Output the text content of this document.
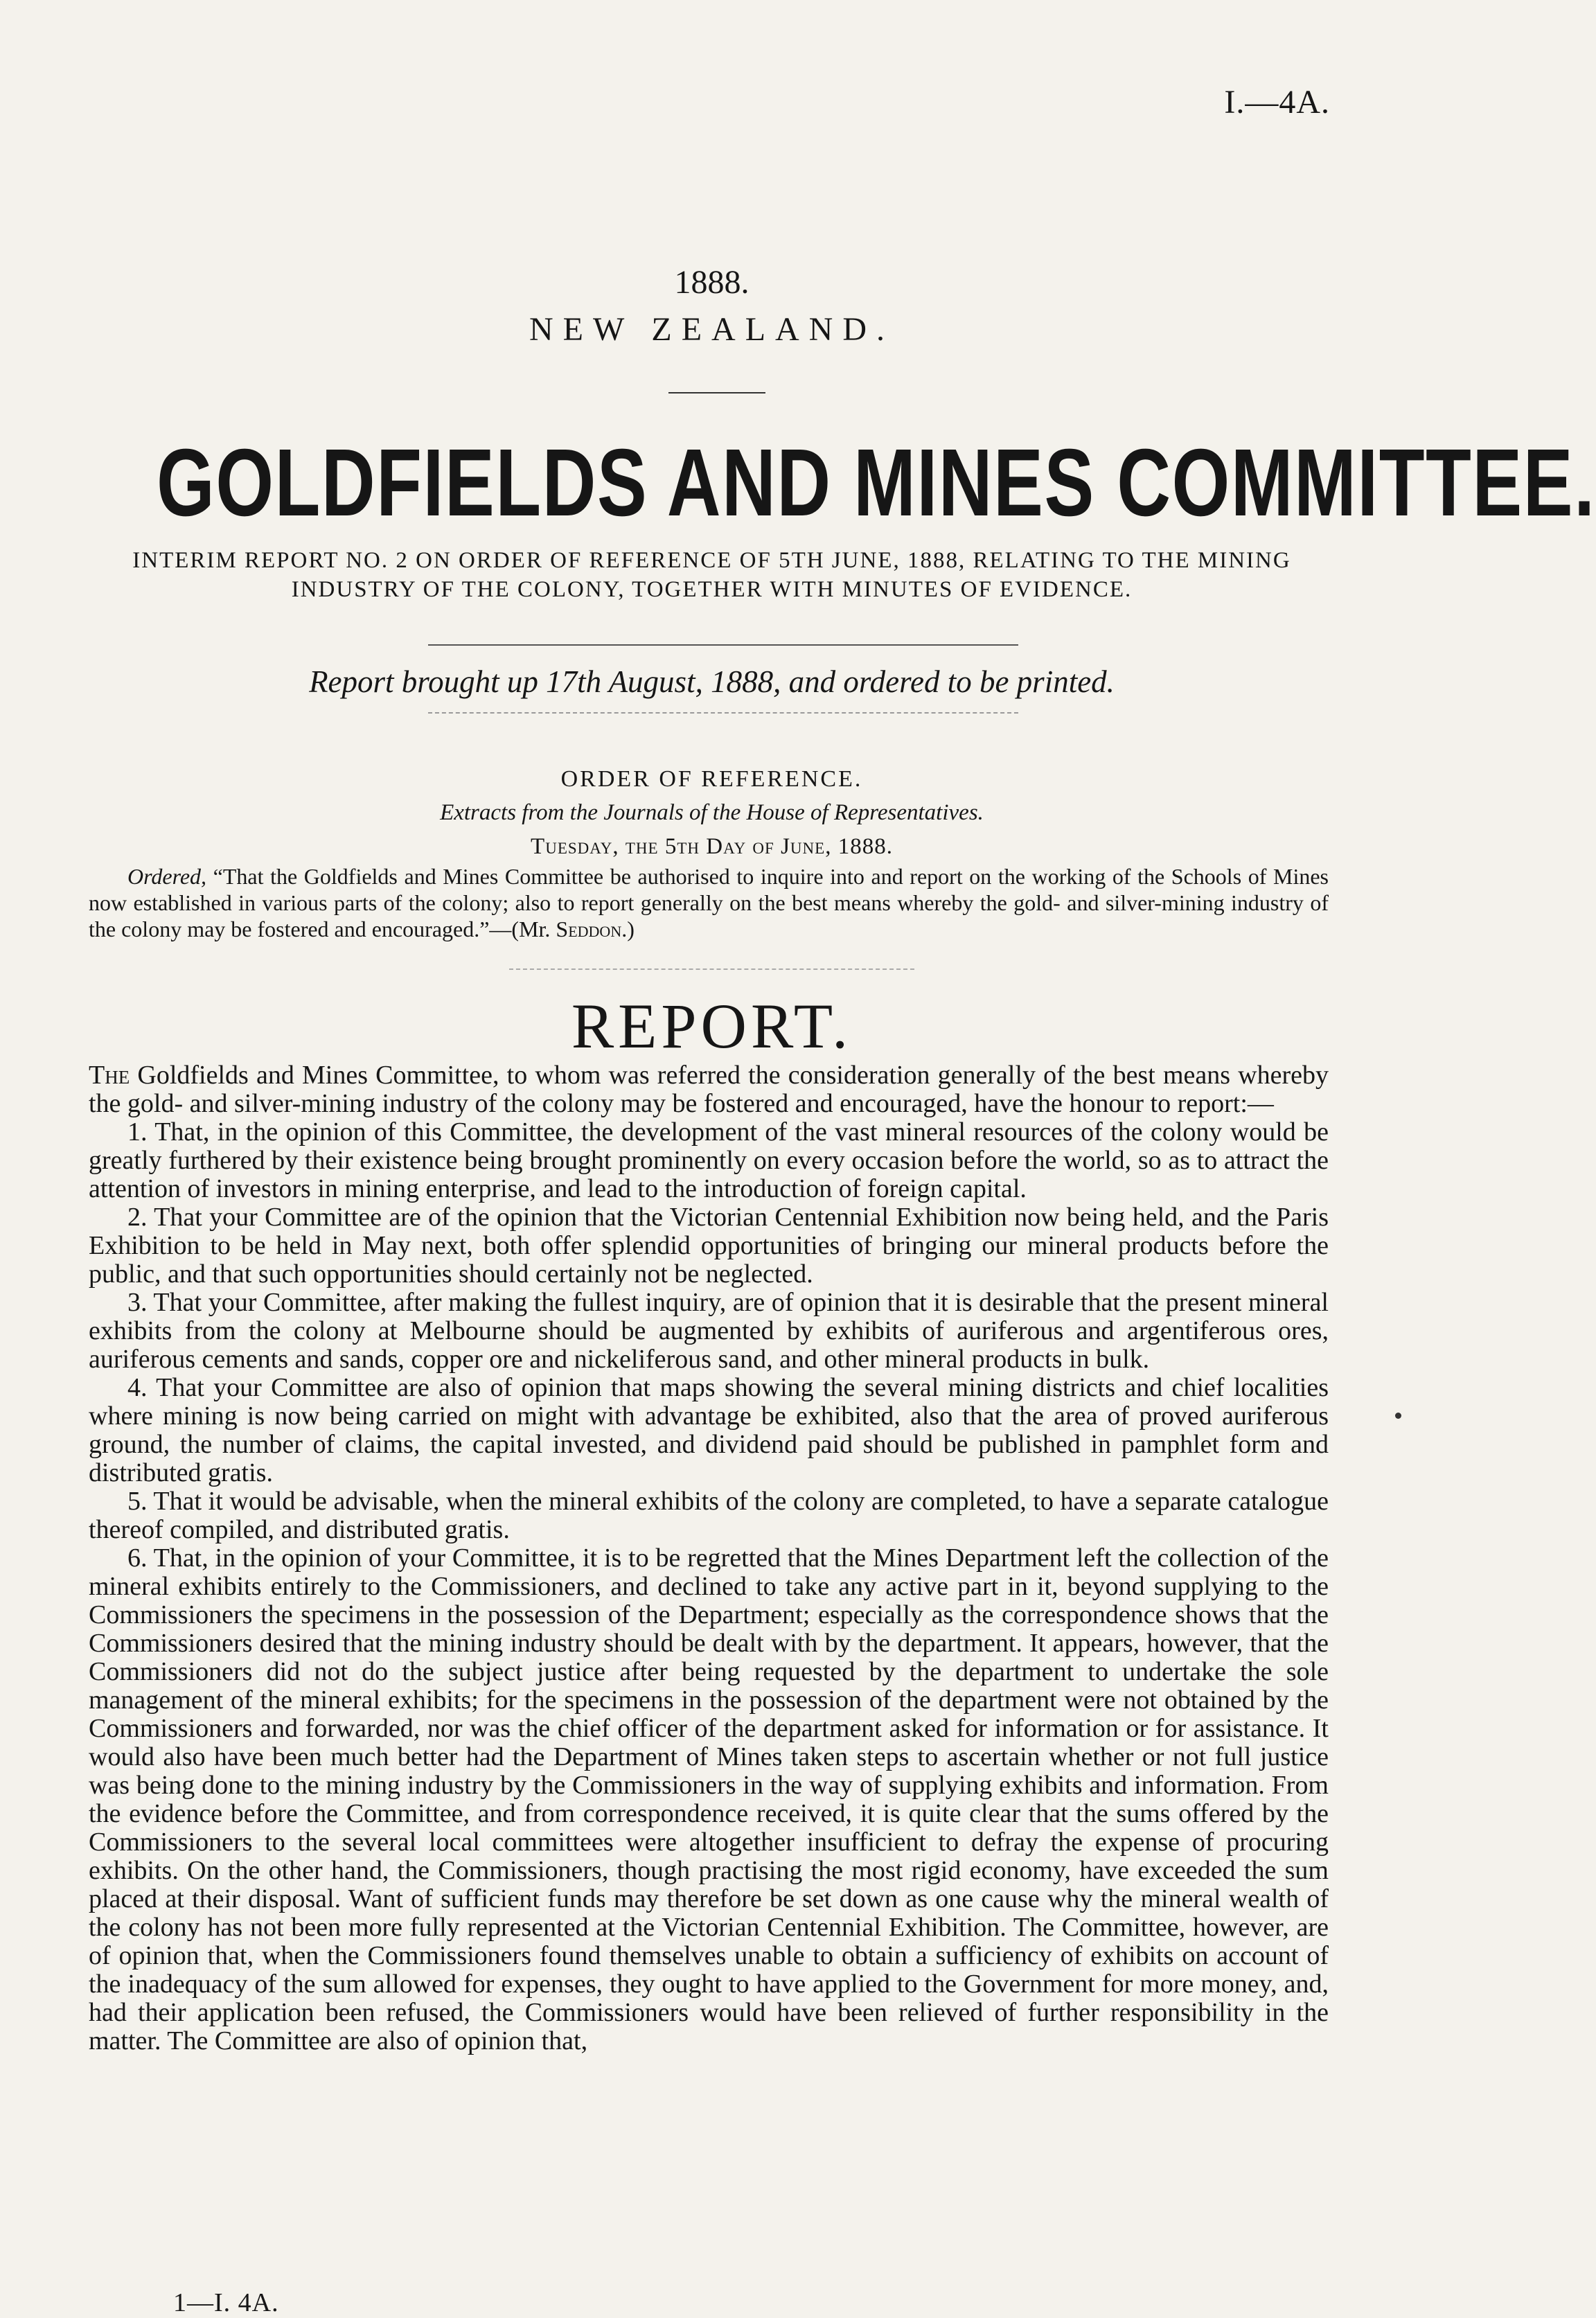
I.—4A.
1888.
NEW ZEALAND.
GOLDFIELDS AND MINES COMMITTEE.
INTERIM REPORT NO. 2 ON ORDER OF REFERENCE OF 5TH JUNE, 1888, RELATING TO THE MINING INDUSTRY OF THE COLONY, TOGETHER WITH MINUTES OF EVIDENCE.
Report brought up 17th August, 1888, and ordered to be printed.
ORDER OF REFERENCE.
Extracts from the Journals of the House of Representatives.
Tuesday, the 5th Day of June, 1888.
Ordered, “That the Goldfields and Mines Committee be authorised to inquire into and report on the working of the Schools of Mines now established in various parts of the colony; also to report generally on the best means whereby the gold- and silver-mining industry of the colony may be fostered and encouraged.”—(Mr. Seddon.)
REPORT.

The Goldfields and Mines Committee, to whom was referred the consideration generally of the best means whereby the gold- and silver-mining industry of the colony may be fostered and encouraged, have the honour to report:—

1. That, in the opinion of this Committee, the development of the vast mineral resources of the colony would be greatly furthered by their existence being brought prominently on every occasion before the world, so as to attract the attention of investors in mining enterprise, and lead to the introduction of foreign capital.

2. That your Committee are of the opinion that the Victorian Centennial Exhibition now being held, and the Paris Exhibition to be held in May next, both offer splendid opportunities of bringing our mineral products before the public, and that such opportunities should certainly not be neglected.

3. That your Committee, after making the fullest inquiry, are of opinion that it is desirable that the present mineral exhibits from the colony at Melbourne should be augmented by exhibits of auriferous and argentiferous ores, auriferous cements and sands, copper ore and nickeliferous sand, and other mineral products in bulk.

4. That your Committee are also of opinion that maps showing the several mining districts and chief localities where mining is now being carried on might with advantage be exhibited, also that the area of proved auriferous ground, the number of claims, the capital invested, and dividend paid should be published in pamphlet form and distributed gratis.

5. That it would be advisable, when the mineral exhibits of the colony are completed, to have a separate catalogue thereof compiled, and distributed gratis.

6. That, in the opinion of your Committee, it is to be regretted that the Mines Department left the collection of the mineral exhibits entirely to the Commissioners, and declined to take any active part in it, beyond supplying to the Commissioners the specimens in the possession of the Department; especially as the correspondence shows that the Commissioners desired that the mining industry should be dealt with by the department. It appears, however, that the Commissioners did not do the subject justice after being requested by the department to undertake the sole management of the mineral exhibits; for the specimens in the possession of the department were not obtained by the Commissioners and forwarded, nor was the chief officer of the department asked for information or for assistance. It would also have been much better had the Department of Mines taken steps to ascertain whether or not full justice was being done to the mining industry by the Commissioners in the way of supplying exhibits and information. From the evidence before the Committee, and from correspondence received, it is quite clear that the sums offered by the Commissioners to the several local committees were altogether insufficient to defray the expense of procuring exhibits. On the other hand, the Commissioners, though practising the most rigid economy, have exceeded the sum placed at their disposal. Want of sufficient funds may therefore be set down as one cause why the mineral wealth of the colony has not been more fully represented at the Victorian Centennial Exhibition. The Committee, however, are of opinion that, when the Commissioners found themselves unable to obtain a sufficiency of exhibits on account of the inadequacy of the sum allowed for expenses, they ought to have applied to the Government for more money, and, had their application been refused, the Commissioners would have been relieved of further responsibility in the matter. The Committee are also of opinion that,

1—I. 4A.
